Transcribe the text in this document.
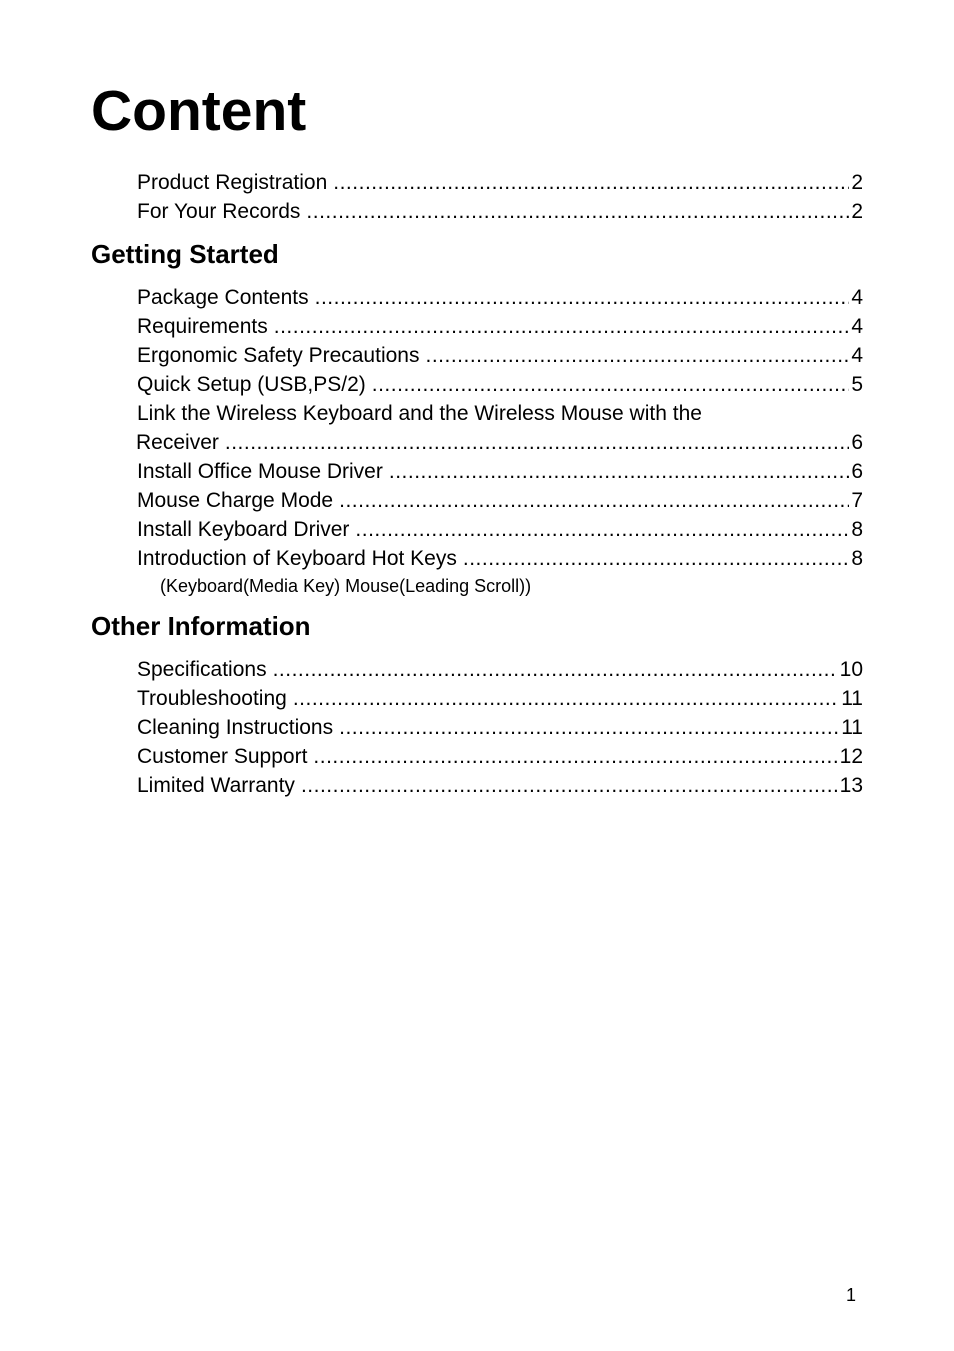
Content
Product Registration .....	2
For Your Records .....	2
Getting Started
Package Contents .....	4
Requirements .....	4
Ergonomic Safety Precautions .....	4
Quick Setup (USB,PS/2) .....	5
Link the Wireless Keyboard and the Wireless Mouse with the
Receiver .....	6
Install Office Mouse Driver .....	6
Mouse Charge Mode .....	7
Install Keyboard Driver .....	8
Introduction of Keyboard Hot Keys .....	8
(Keyboard(Media Key) Mouse(Leading Scroll))
Other Information
Specifications .....	10
Troubleshooting .....	11
Cleaning Instructions .....	11
Customer Support .....	12
Limited Warranty .....	13
1
